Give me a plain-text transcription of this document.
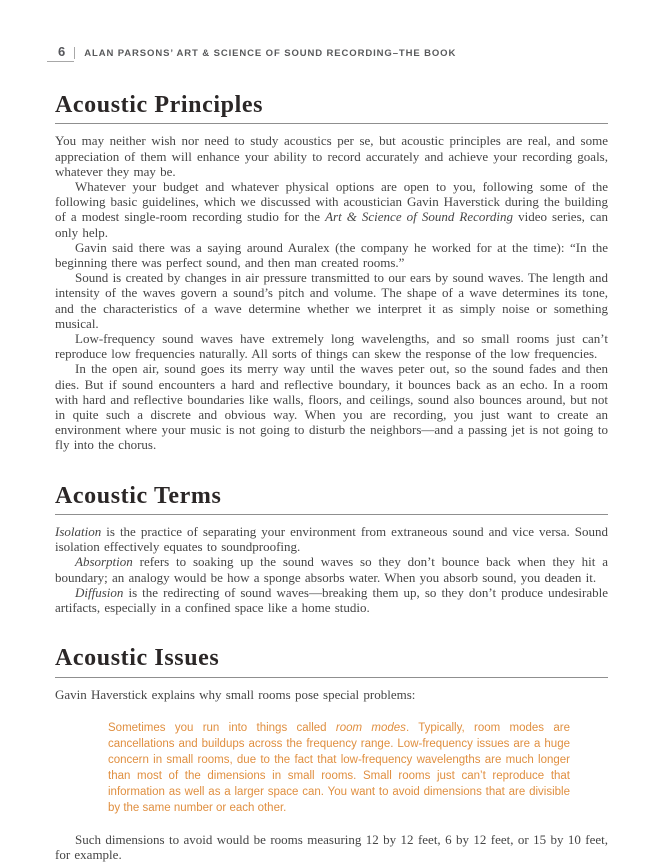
6	ALAN PARSONS’ ART & SCIENCE OF SOUND RECORDING–THE BOOK
Acoustic Principles

You may neither wish nor need to study acoustics per se, but acoustic principles are real, and some appreciation of them will enhance your ability to record accurately and achieve your recording goals, whatever they may be.

Whatever your budget and whatever physical options are open to you, following some of the following basic guidelines, which we discussed with acoustician Gavin Haverstick during the building of a modest single-room recording studio for the Art & Science of Sound Recording video series, can only help.

Gavin said there was a saying around Auralex (the company he worked for at the time): “In the beginning there was perfect sound, and then man created rooms.”

Sound is created by changes in air pressure transmitted to our ears by sound waves. The length and intensity of the waves govern a sound’s pitch and volume. The shape of a wave determines its tone, and the characteristics of a wave determine whether we interpret it as simply noise or something musical.

Low-frequency sound waves have extremely long wavelengths, and so small rooms just can’t reproduce low frequencies naturally. All sorts of things can skew the response of the low frequencies.

In the open air, sound goes its merry way until the waves peter out, so the sound fades and then dies. But if sound encounters a hard and reflective boundary, it bounces back as an echo. In a room with hard and reflective boundaries like walls, floors, and ceilings, sound also bounces around, but not in quite such a discrete and obvious way. When you are recording, you just want to create an environment where your music is not going to disturb the neighbors—and a passing jet is not going to fly into the chorus.

Acoustic Terms

Isolation is the practice of separating your environment from extraneous sound and vice versa. Sound isolation effectively equates to soundproofing.

Absorption refers to soaking up the sound waves so they don’t bounce back when they hit a boundary; an analogy would be how a sponge absorbs water. When you absorb sound, you deaden it.

Diffusion is the redirecting of sound waves—breaking them up, so they don’t produce undesirable artifacts, especially in a confined space like a home studio.

Acoustic Issues

Gavin Haverstick explains why small rooms pose special problems:

Sometimes you run into things called room modes. Typically, room modes are cancellations and buildups across the frequency range. Low-frequency issues are a huge concern in small rooms, due to the fact that low-frequency wavelengths are much longer than most of the dimensions in small rooms. Small rooms just can’t reproduce that information as well as a larger space can. You want to avoid dimensions that are divisible by the same number or each other.

Such dimensions to avoid would be rooms measuring 12 by 12 feet, 6 by 12 feet, or 15 by 10 feet, for example.
